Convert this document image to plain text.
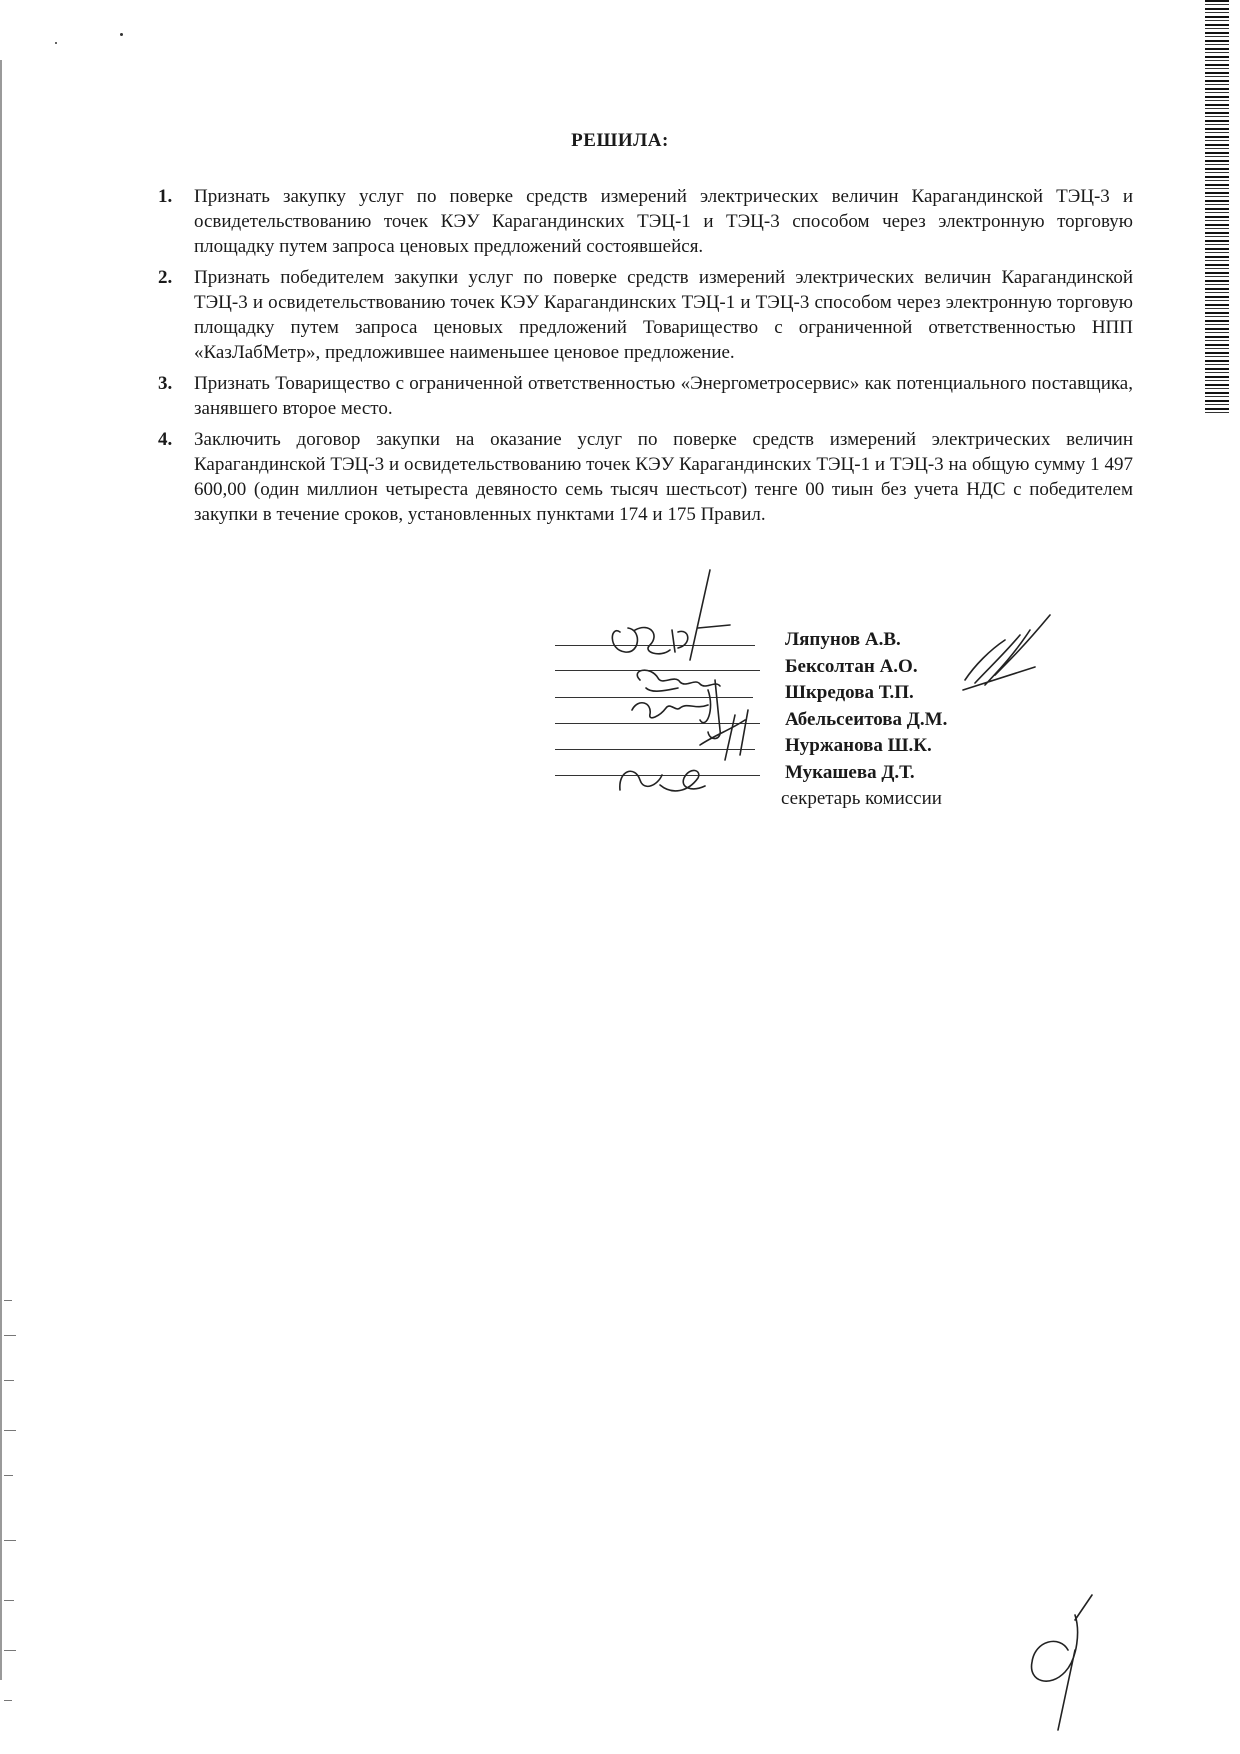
РЕШИЛА:
1. Признать закупку услуг по поверке средств измерений электрических величин Карагандинской ТЭЦ-3 и освидетельствованию точек КЭУ Карагандинских ТЭЦ-1 и ТЭЦ-3 способом через электронную торговую площадку путем запроса ценовых предложений состоявшейся.
2. Признать победителем закупки услуг по поверке средств измерений электрических величин Карагандинской ТЭЦ-3 и освидетельствованию точек КЭУ Карагандинских ТЭЦ-1 и ТЭЦ-3 способом через электронную торговую площадку путем запроса ценовых предложений Товарищество с ограниченной ответственностью НПП «КазЛабМетр», предложившее наименьшее ценовое предложение.
3. Признать Товарищество с ограниченной ответственностью «Энергометросервис» как потенциального поставщика, занявшего второе место.
4. Заключить договор закупки на оказание услуг по поверке средств измерений электрических величин Карагандинской ТЭЦ-3 и освидетельствованию точек КЭУ Карагандинских ТЭЦ-1 и ТЭЦ-3 на общую сумму 1 497 600,00 (один миллион четыреста девяносто семь тысяч шестьсот) тенге 00 тиын без учета НДС с победителем закупки в течение сроков, установленных пунктами 174 и 175 Правил.
Ляпунов А.В.
Бексолтан А.О.
Шкредова Т.П.
Абельсеитова Д.М.
Нуржанова Ш.К.
Мукашева Д.Т.
секретарь комиссии
